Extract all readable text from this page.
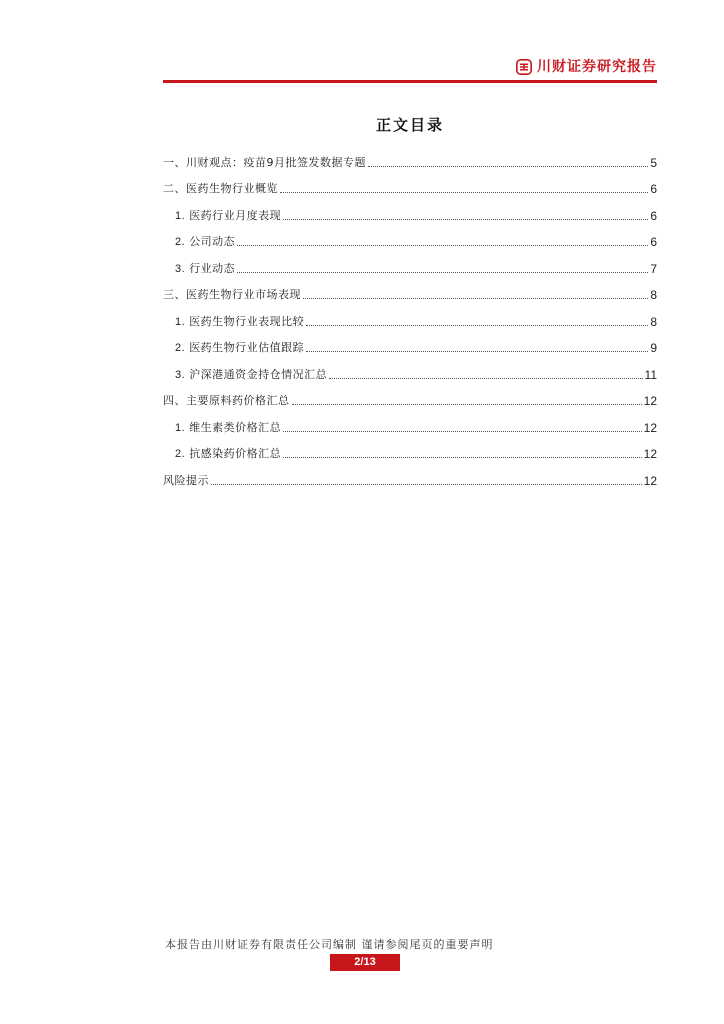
川财证券研究报告
正文目录
一、川财观点：疫苗9月批签发数据专题	5
二、医药生物行业概览	6
1. 医药行业月度表现	6
2. 公司动态	6
3. 行业动态	7
三、医药生物行业市场表现	8
1. 医药生物行业表现比较	8
2. 医药生物行业估值跟踪	9
3. 沪深港通资金持仓情况汇总	11
四、主要原料药价格汇总	12
1. 维生素类价格汇总	12
2. 抗感染药价格汇总	12
风险提示	12
本报告由川财证券有限责任公司编制 谨请参阅尾页的重要声明
2/13
